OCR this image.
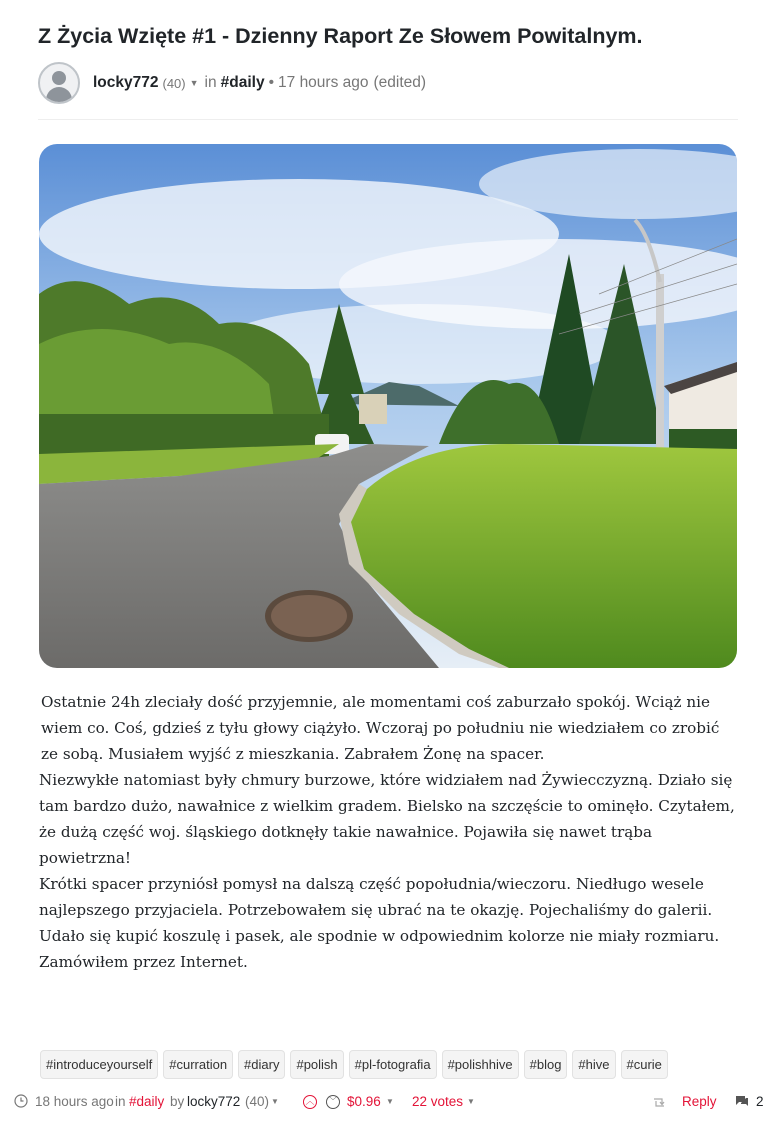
Z Życia Wzięte #1 - Dzienny Raport Ze Słowem Powitalnym.
locky772 (40) ▼ in #daily • 17 hours ago (edited)

Ostatnie 24h zleciały dość przyjemnie, ale momentami coś zaburzało spokój. Wciąż nie wiem co. Coś, gdzieś z tyłu głowy ciążyło. Wczoraj po południu nie wiedziałem co zrobić ze sobą. Musiałem wyjść z mieszkania. Zabrałem Żonę na spacer.

Niezwykłe natomiast były chmury burzowe, które widziałem nad Żywiecczyzną. Działo się tam bardzo dużo, nawałnice z wielkim gradem. Bielsko na szczęście to ominęło. Czytałem, że dużą część woj. śląskiego dotknęły takie nawałnice. Pojawiła się nawet trąba powietrzna!

Krótki spacer przyniósł pomysł na dalszą część popołudnia/wieczoru. Niedługo wesele najlepszego przyjaciela. Potrzebowałem się ubrać na te okazję. Pojechaliśmy do galerii. Udało się kupić koszulę i pasek, ale spodnie w odpowiednim kolorze nie miały rozmiaru. Zamówiłem przez Internet.

#introduceyourself	#curration	#diary	#polish	#pl-fotografia	#polishhive	#blog	#hive	#curie
18 hours ago in #daily by locky772 (40) ▼	︿ ﹀ $0.96 ▼ 22 votes ▼	Reply	2
